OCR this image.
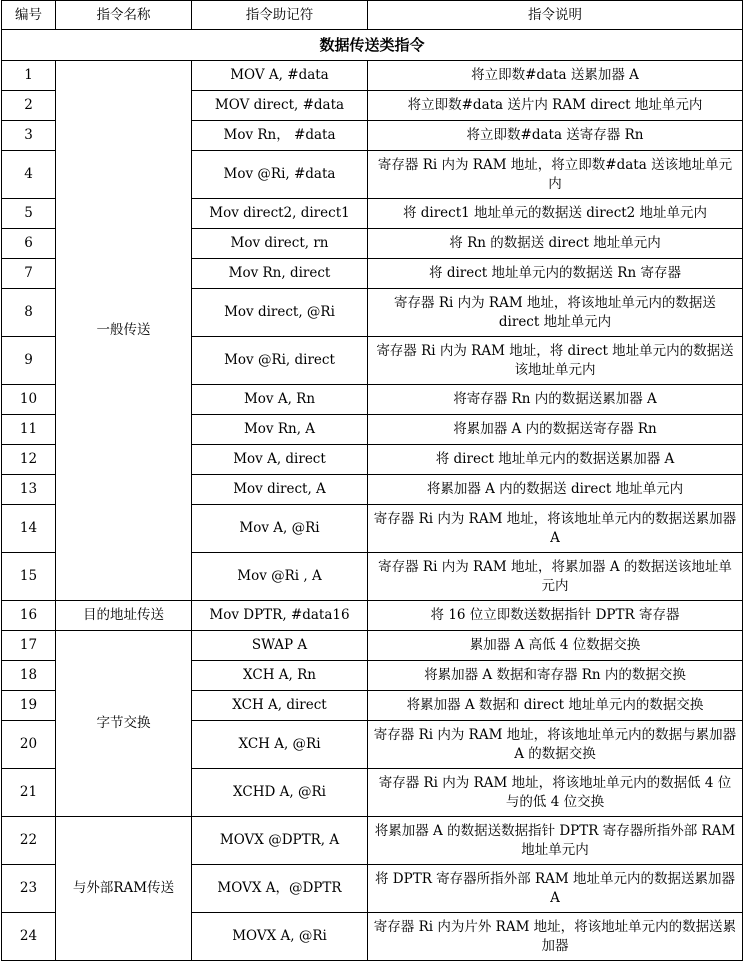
编号	指令名称	指令助记符	指令说明
数据传送类指令			
1	一般传送	MOV A, #data	将立即数#data 送累加器 A
2		MOV direct, #data	将立即数#data 送片内 RAM direct 地址单元内
3		Mov Rn， #data	将立即数#data 送寄存器 Rn
4		Mov @Ri, #data	寄存器 Ri 内为 RAM 地址，将立即数#data 送该地址单元内
5		Mov direct2, direct1	将 direct1 地址单元的数据送 direct2 地址单元内
6		Mov direct, rn	将 Rn 的数据送 direct 地址单元内
7		Mov Rn, direct	将 direct 地址单元内的数据送 Rn 寄存器
8		Mov direct, @Ri	寄存器 Ri 内为 RAM 地址，将该地址单元内的数据送 direct 地址单元内
9		Mov @Ri, direct	寄存器 Ri 内为 RAM 地址，将 direct 地址单元内的数据送该地址单元内
10		Mov A, Rn	将寄存器 Rn 内的数据送累加器 A
11		Mov Rn, A	将累加器 A 内的数据送寄存器 Rn
12		Mov A, direct	将 direct 地址单元内的数据送累加器 A
13		Mov direct, A	将累加器 A 内的数据送 direct 地址单元内
14		Mov A, @Ri	寄存器 Ri 内为 RAM 地址，将该地址单元内的数据送累加器 A
15		Mov @Ri , A	寄存器 Ri 内为 RAM 地址，将累加器 A 的数据送该地址单元内
16	目的地址传送	Mov DPTR, #data16	将 16 位立即数送数据指针 DPTR 寄存器
17	字节交换	SWAP A	累加器 A 高低 4 位数据交换
18		XCH A, Rn	将累加器 A 数据和寄存器 Rn 内的数据交换
19		XCH A, direct	将累加器 A 数据和 direct 地址单元内的数据交换
20		XCH A, @Ri	寄存器 Ri 内为 RAM 地址，将该地址单元内的数据与累加器 A 的数据交换
21		XCHD A, @Ri	寄存器 Ri 内为 RAM 地址，将该地址单元内的数据低 4 位与的低 4 位交换
22	与外部RAM传送	MOVX @DPTR, A	将累加器 A 的数据送数据指针 DPTR 寄存器所指外部 RAM 地址单元内
23		MOVX A，@DPTR	将 DPTR 寄存器所指外部 RAM 地址单元内的数据送累加器 A
24		MOVX A, @Ri	寄存器 Ri 内为片外 RAM 地址，将该地址单元内的数据送累加器
